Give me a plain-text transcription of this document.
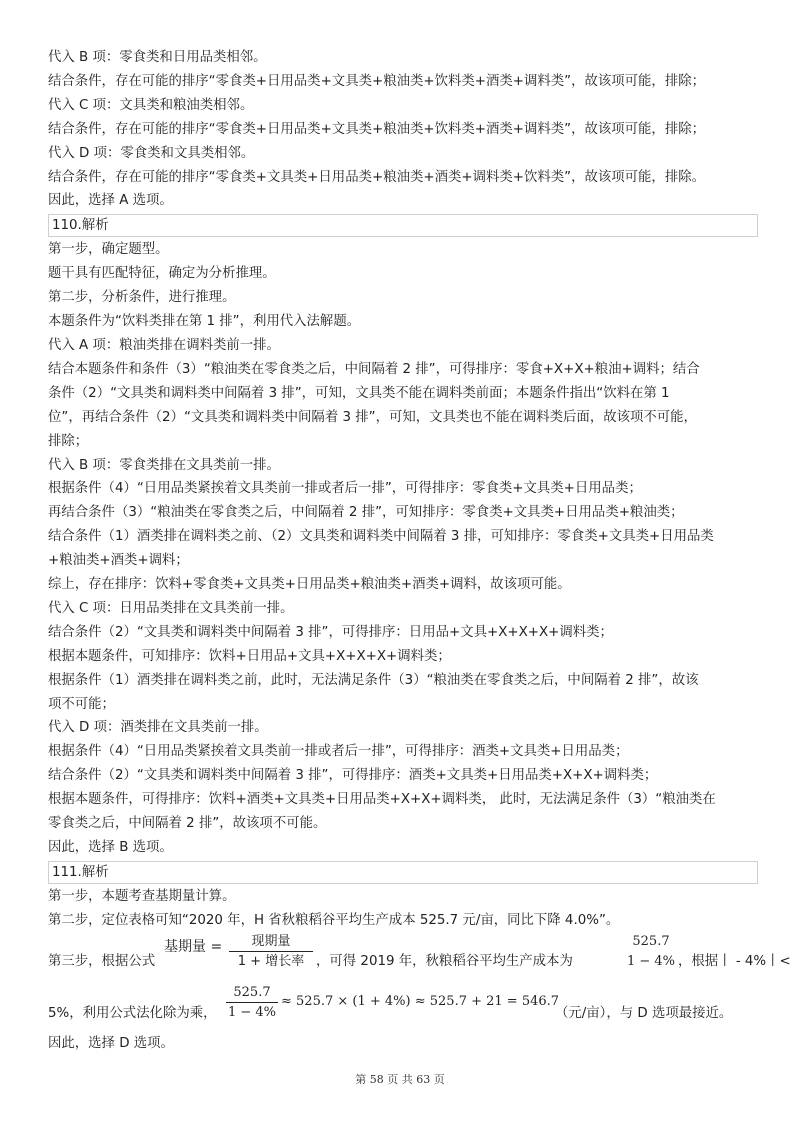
代入 B 项：零食类和日用品类相邻。
结合条件，存在可能的排序“零食类+日用品类+文具类+粮油类+饮料类+酒类+调料类”，故该项可能，排除；
代入 C 项：文具类和粮油类相邻。
结合条件，存在可能的排序“零食类+日用品类+文具类+粮油类+饮料类+酒类+调料类”，故该项可能，排除；
代入 D 项：零食类和文具类相邻。
结合条件，存在可能的排序“零食类+文具类+日用品类+粮油类+酒类+调料类+饮料类”，故该项可能，排除。
因此，选择 A 选项。
110.解析
第一步，确定题型。
题干具有匹配特征，确定为分析推理。
第二步，分析条件，进行推理。
本题条件为“饮料类排在第 1 排”，利用代入法解题。
代入 A 项：粮油类排在调料类前一排。
结合本题条件和条件（3）“粮油类在零食类之后，中间隔着 2 排”，可得排序：零食+X+X+粮油+调料；结合
条件（2）“文具类和调料类中间隔着 3 排”，可知，文具类不能在调料类前面；本题条件指出“饮料在第 1
位”，再结合条件（2）“文具类和调料类中间隔着 3 排”，可知，文具类也不能在调料类后面，故该项不可能，
排除；
代入 B 项：零食类排在文具类前一排。
根据条件（4）“日用品类紧挨着文具类前一排或者后一排”，可得排序：零食类+文具类+日用品类；
再结合条件（3）“粮油类在零食类之后，中间隔着 2 排”，可知排序：零食类+文具类+日用品类+粮油类；
结合条件（1）酒类排在调料类之前、（2）文具类和调料类中间隔着 3 排，可知排序：零食类+文具类+日用品类
+粮油类+酒类+调料；
综上，存在排序：饮料+零食类+文具类+日用品类+粮油类+酒类+调料，故该项可能。
代入 C 项：日用品类排在文具类前一排。
结合条件（2）“文具类和调料类中间隔着 3 排”，可得排序：日用品+文具+X+X+X+调料类；
根据本题条件，可知排序：饮料+日用品+文具+X+X+X+调料类；
根据条件（1）酒类排在调料类之前，此时，无法满足条件（3）“粮油类在零食类之后，中间隔着 2 排”，故该
项不可能；
代入 D 项：酒类排在文具类前一排。
根据条件（4）“日用品类紧挨着文具类前一排或者后一排”，可得排序：酒类+文具类+日用品类；
结合条件（2）“文具类和调料类中间隔着 3 排”，可得排序：酒类+文具类+日用品类+X+X+调料类；
根据本题条件，可得排序：饮料+酒类+文具类+日用品类+X+X+调料类， 此时，无法满足条件（3）“粮油类在
零食类之后，中间隔着 2 排”，故该项不可能。
因此，选择 B 选项。
111.解析
第一步，本题考查基期量计算。
第二步，定位表格可知“2020 年，H 省秋粮稻谷平均生产成本 525.7 元/亩，同比下降 4.0%”。
第三步，根据公式
基期量 = 现期量
1 + 增长率 ，可得 2019 年，秋粮稻谷平均生产成本为
525.7
1 − 4% ，根据丨 - 4%丨<
5%，利用公式法化除为乘，
525.7
1 − 4%
≈ 525.7 × (1 + 4%) ≈ 525.7 + 21 = 546.7
（元/亩），与 D 选项最接近。
因此，选择 D 选项。
第 58 页 共 63 页
